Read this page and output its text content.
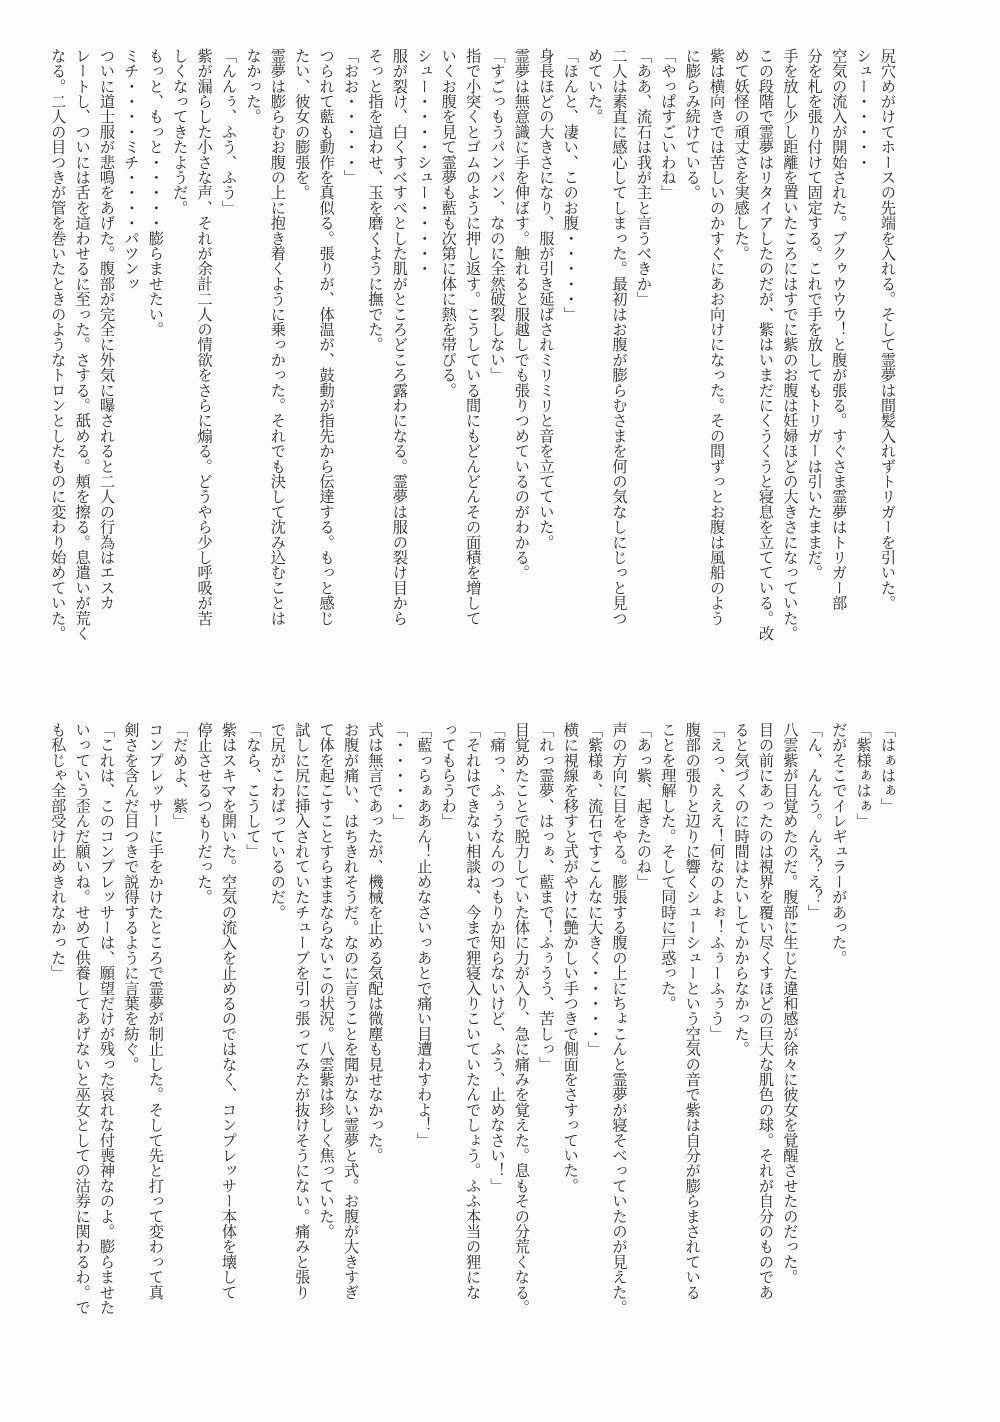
尻穴めがけてホースの先端を入れる。そして霊夢は間髪入れずトリガーを引いた。
シュー・・・・・
空気の流入が開始された。ブクゥウウウ！と腹が張る。すぐさま霊夢はトリガー部
分を札を張り付けて固定する。これで手を放してもトリガーは引いたままだ。
手を放し少し距離を置いたころにはすでに紫のお腹は妊婦ほどの大きさになっていた。
この段階で霊夢はリタイアしたのだが、紫はいまだにくうくうと寝息を立てている。改
めて妖怪の頑丈さを実感した。
紫は横向きでは苦しいのかすぐにあお向けになった。その間ずっとお腹は風船のよう
に膨らみ続けている。
「やっぱすごいわね」
「ああ、流石は我が主と言うべきか」
二人は素直に感心してしまった。最初はお腹が膨らむさまを何の気なしにじっと見つ
めていた。
「ほんと、凄い、このお腹・・・・・」
身長ほどの大きさになり、服が引き延ばされミリミリと音を立てていた。
霊夢は無意識に手を伸ばす。触れると服越しでも張りつめているのがわかる。
「すごっもうパンパン、なのに全然破裂しない」
指で小突くとゴムのように押し返す。こうしている間にもどんどんその面積を増して
いくお腹を見て霊夢も藍も次第に体に熱を帯びる。
シュー・・・・シュー・・・・・
服が裂け、白くすべすべとした肌がところどころ露わになる。霊夢は服の裂け目から
そっと指を這わせ、玉を磨くように撫でた。
「おお・・・・・」
つられて藍も動作を真似る。張りが、体温が、鼓動が指先から伝達する。もっと感じ
たい、彼女の膨張を。
霊夢は膨らむお腹の上に抱き着くように乗っかった。それでも決して沈み込むことは
なかった。
「んんぅ、ふう、ふう」
紫が漏らした小さな声、それが余計二人の情欲をさらに煽る。どうやら少し呼吸が苦
しくなってきたようだ。
もっと、もっと・・・・・膨らませたい。
ミチ・・・・ミチ・・・・パツンッ
ついに道士服が悲鳴をあげた。腹部が完全に外気に曝されると二人の行為はエスカ
レートし、ついには舌を這わせるに至った。さする。舐める。頬を擦る。息遣いが荒く
なる。二人の目つきが管を巻いたときのようなトロンとしたものに変わり始めていた。
「はぁはぁ」
「紫様ぁはぁ」
だがそこでイレギュラーがあった。
「ん、んんう。んえ？え？」
八雲紫が目覚めたのだ。腹部に生じた違和感が徐々に彼女を覚醒させたのだった。
目の前にあったのは視界を覆い尽くすほどの巨大な肌色の球。それが自分のものであ
ると気づくのに時間はたいしてかからなかった。
「えっ、えええ！何なのよぉ！ふぅーふぅう」
腹部の張りと辺りに響くシューシューという空気の音で紫は自分が膨らまされている
ことを理解した。そして同時に戸惑った。
「あっ紫、起きたのね」
声の方向に目をやる。膨張する腹の上にちょこんと霊夢が寝そべっていたのが見えた。
「紫様ぁ、流石ですこんなに大きく・・・・・」
横に視線を移すと式がやけに艶かしい手つきで側面をさすっていた。
「れっ霊夢、はっぁ、藍まで！ふぅうう、苦しっ」
目覚めたことで脱力していた体に力が入り、急に痛みを覚えた。息もその分荒くなる。
「痛っ、ふぅうなんのつもりか知らないけど、ふう、止めなさい！」
「それはできない相談ね、今まで狸寝入りこいていたんでしょう。ふふ本当の狸にな
ってもらうわ」
「藍っらぁああん！止めなさいっあとで痛い目遭わすわよ！」
「・・・・・」
式は無言であったが、機械を止める気配は微塵も見せなかった。
お腹が痛い、はちきれそうだ。なのに言うことを聞かない霊夢と式。お腹が大きすぎ
て体を起こすことすらままならないこの状況。八雲紫は珍しく焦っていた。
試しに尻に挿入されていたチューブを引っ張ってみたが抜けそうにない。痛みと張り
で尻がこわばっているのだ。
「なら、こうして」
紫はスキマを開いた。空気の流入を止めるのではなく、コンプレッサー本体を壊して
停止させるつもりだった。
「だめよ、紫」
コンプレッサーに手をかけたところで霊夢が制止した。そして先と打って変わって真
剣さを含んだ目つきで説得するように言葉を紡ぐ。
「これは、このコンプレッサーは、願望だけが残った哀れな付喪神なのよ。膨らませた
いっていう歪んだ願いね。せめて供養してあげないと巫女としての沽券に関わるわ。で
も私じゃ全部受け止めきれなかった」
